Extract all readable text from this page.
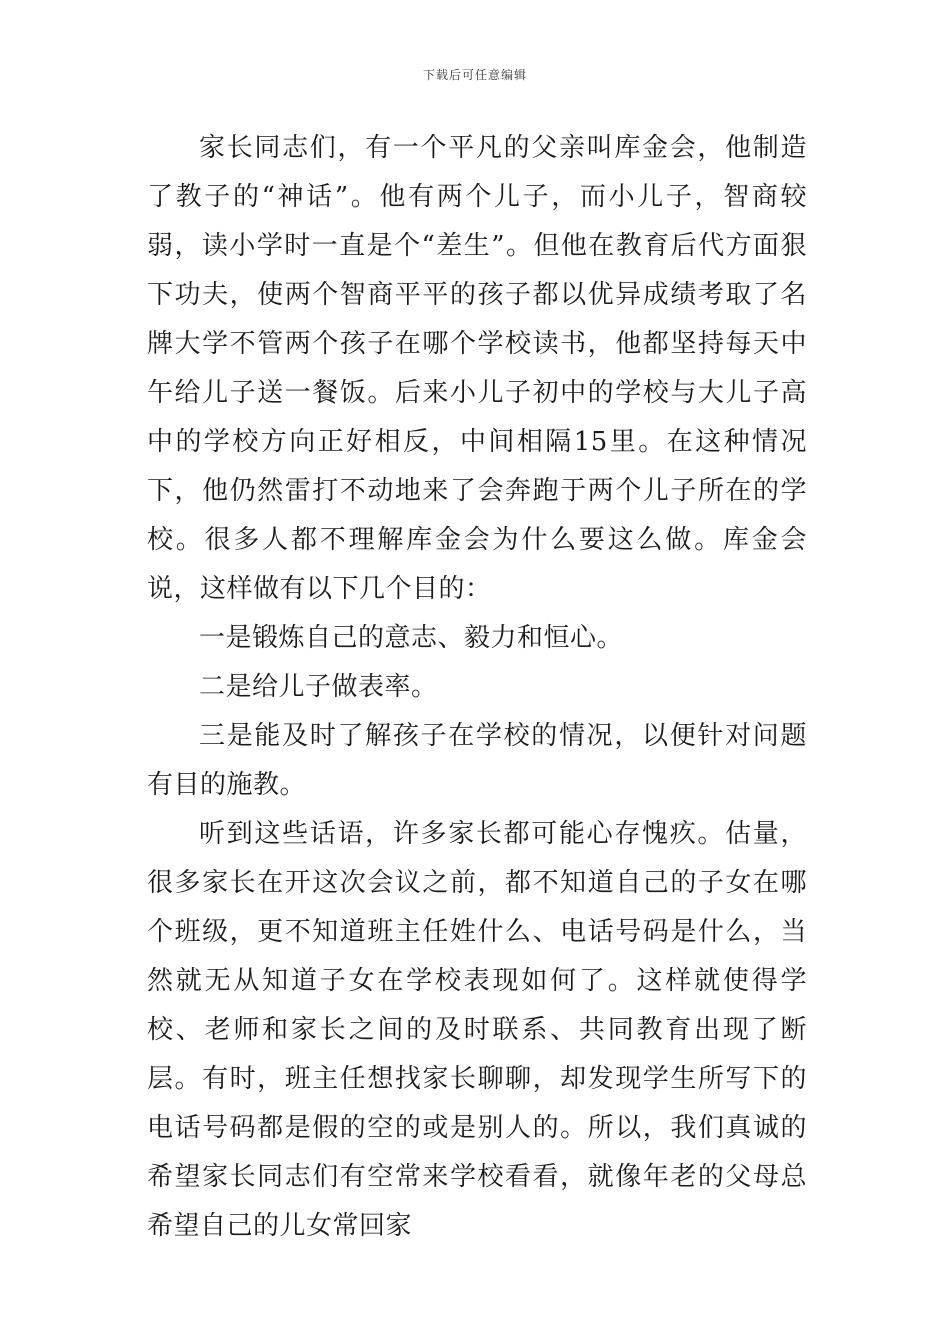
下载后可任意编辑

家长同志们，有一个平凡的父亲叫库金会，他制造了教子的“神话”。他有两个儿子，而小儿子，智商较弱，读小学时一直是个“差生”。但他在教育后代方面狠下功夫，使两个智商平平的孩子都以优异成绩考取了名牌大学不管两个孩子在哪个学校读书，他都坚持每天中午给儿子送一餐饭。后来小儿子初中的学校与大儿子高中的学校方向正好相反，中间相隔15里。在这种情况下，他仍然雷打不动地来了会奔跑于两个儿子所在的学校。很多人都不理解库金会为什么要这么做。库金会说，这样做有以下几个目的：

一是锻炼自己的意志、毅力和恒心。

二是给儿子做表率。

三是能及时了解孩子在学校的情况，以便针对问题有目的施教。

听到这些话语，许多家长都可能心存愧疚。估量，很多家长在开这次会议之前，都不知道自己的子女在哪个班级，更不知道班主任姓什么、电话号码是什么，当然就无从知道子女在学校表现如何了。这样就使得学校、老师和家长之间的及时联系、共同教育出现了断层。有时，班主任想找家长聊聊，却发现学生所写下的电话号码都是假的空的或是别人的。所以，我们真诚的希望家长同志们有空常来学校看看，就像年老的父母总希望自己的儿女常回家
